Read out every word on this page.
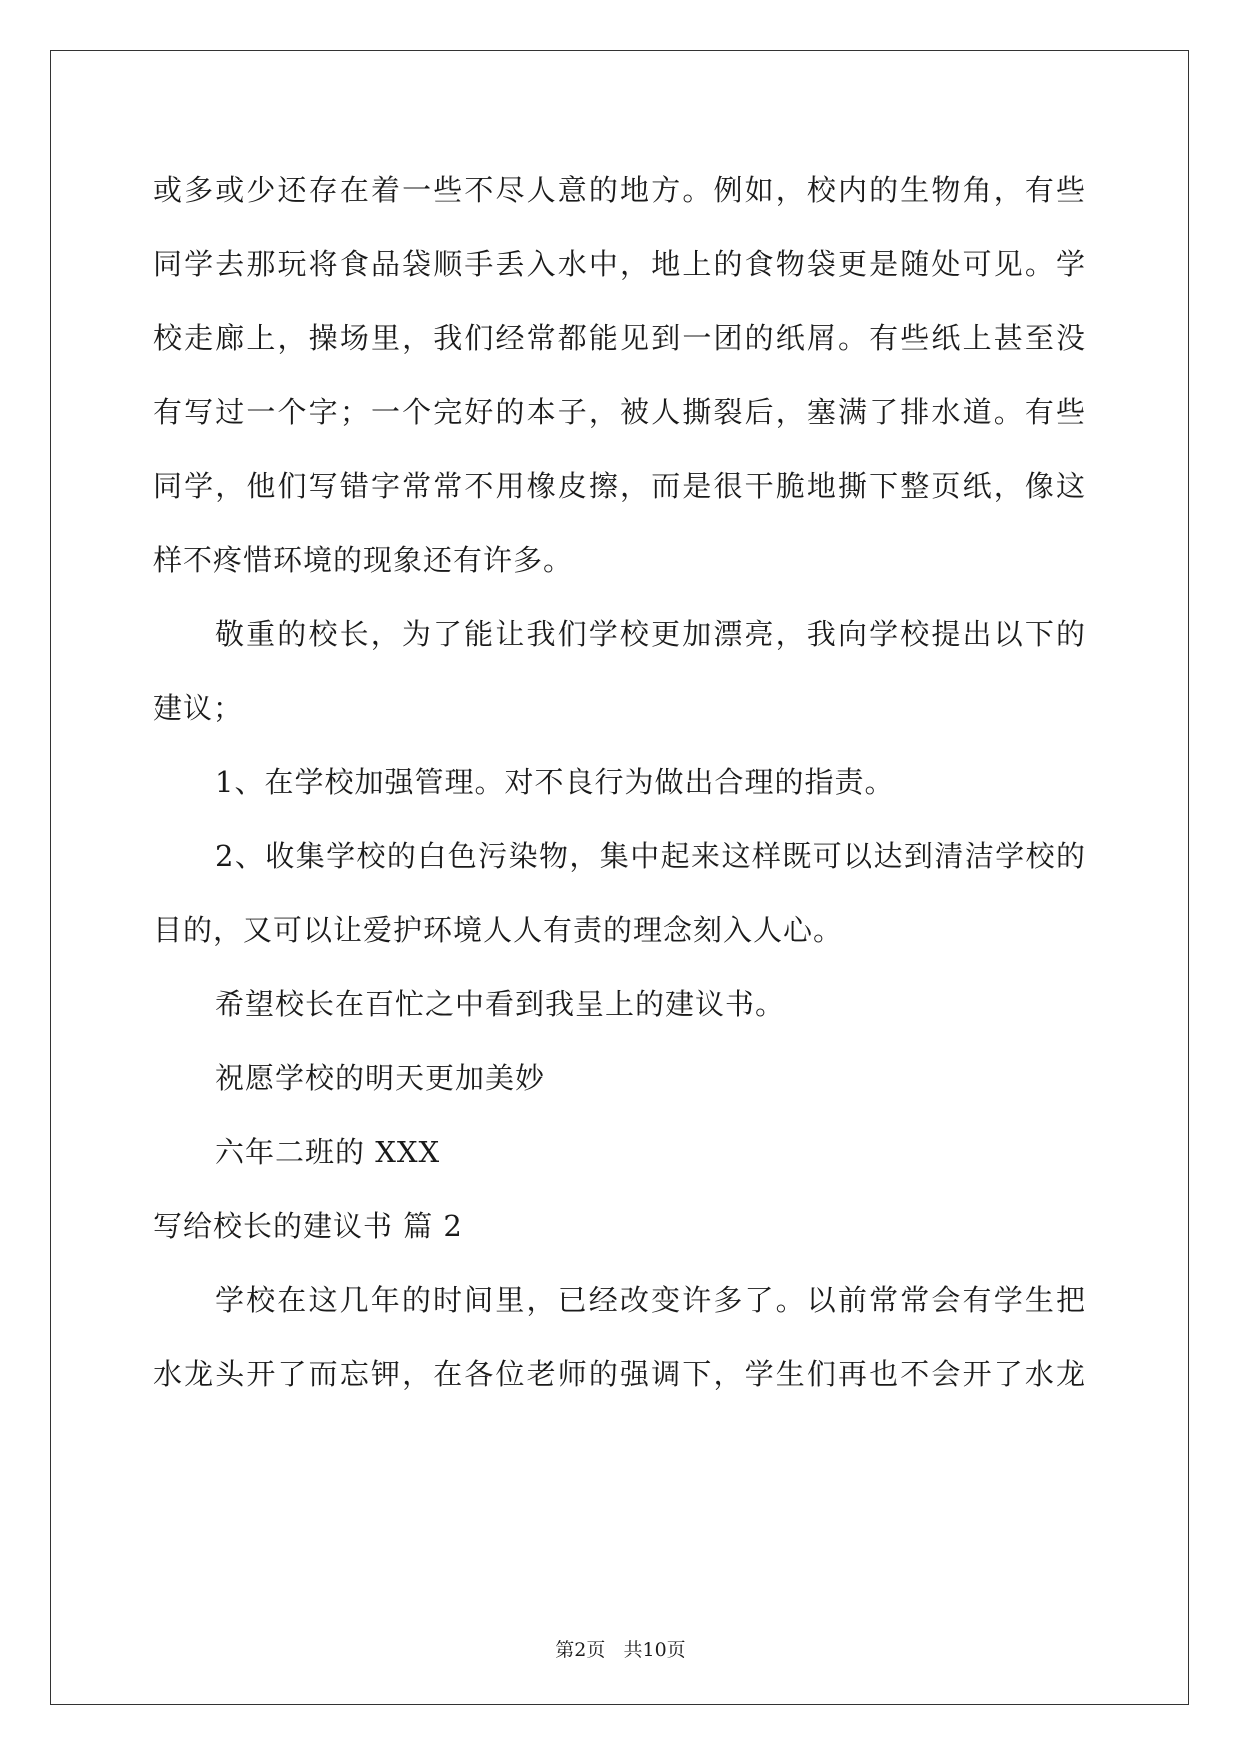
或多或少还存在着一些不尽人意的地方。例如，校内的生物角，有些
同学去那玩将食品袋顺手丢入水中，地上的食物袋更是随处可见。学
校走廊上，操场里，我们经常都能见到一团的纸屑。有些纸上甚至没
有写过一个字；一个完好的本子，被人撕裂后，塞满了排水道。有些
同学，他们写错字常常不用橡皮擦，而是很干脆地撕下整页纸，像这
样不疼惜环境的现象还有许多。
敬重的校长，为了能让我们学校更加漂亮，我向学校提出以下的
建议；
1、在学校加强管理。对不良行为做出合理的指责。
2、收集学校的白色污染物，集中起来这样既可以达到清洁学校的
目的，又可以让爱护环境人人有责的理念刻入人心。
希望校长在百忙之中看到我呈上的建议书。
祝愿学校的明天更加美妙
六年二班的 XXX
写给校长的建议书 篇 2
学校在这几年的时间里，已经改变许多了。以前常常会有学生把
水龙头开了而忘钾，在各位老师的强调下，学生们再也不会开了水龙
第2页   共10页
